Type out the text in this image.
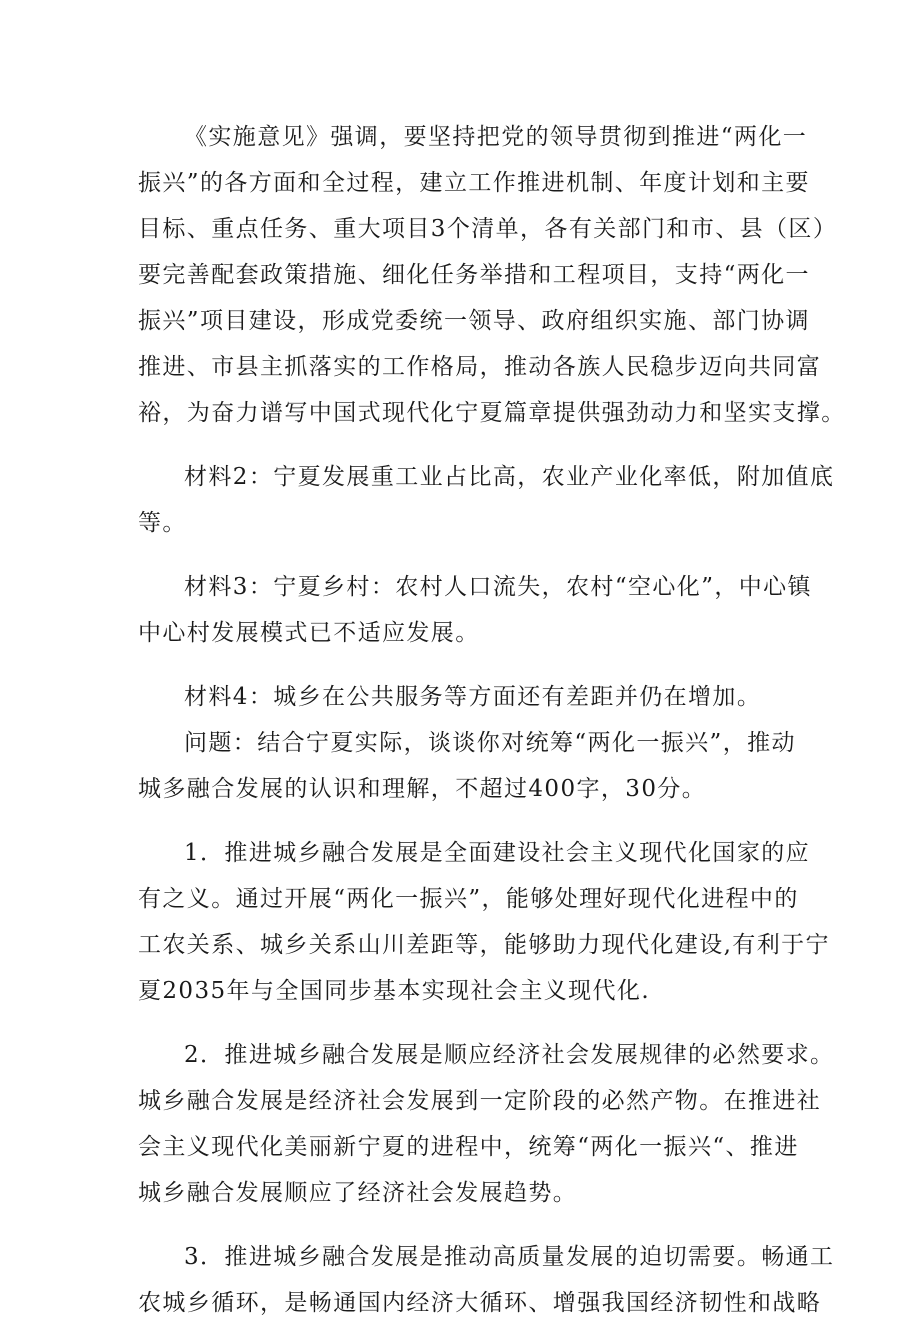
《实施意见》强调，要坚持把党的领导贯彻到推进“两化一
振兴”的各方面和全过程，建立工作推进机制、年度计划和主要
目标、重点任务、重大项目3个清单，各有关部门和市、县（区）
要完善配套政策措施、细化任务举措和工程项目，支持“两化一
振兴”项目建设，形成党委统一领导、政府组织实施、部门协调
推进、市县主抓落实的工作格局，推动各族人民稳步迈向共同富
裕，为奋力谱写中国式现代化宁夏篇章提供强劲动力和坚实支撑。
材料2：宁夏发展重工业占比高，农业产业化率低，附加值底
等。
材料3：宁夏乡村：农村人口流失，农村“空心化”，中心镇
中心村发展模式已不适应发展。
材料4：城乡在公共服务等方面还有差距并仍在增加。
问题：结合宁夏实际，谈谈你对统筹“两化一振兴”，推动
城多融合发展的认识和理解，不超过400字，30分。
1．推进城乡融合发展是全面建设社会主义现代化国家的应
有之义。通过开展“两化一振兴”，能够处理好现代化进程中的
工农关系、城乡关系山川差距等，能够助力现代化建设,有利于宁
夏2035年与全国同步基本实现社会主义现代化.
2．推进城乡融合发展是顺应经济社会发展规律的必然要求。
城乡融合发展是经济社会发展到一定阶段的必然产物。在推进社
会主义现代化美丽新宁夏的进程中，统筹“两化一振兴“、推进
城乡融合发展顺应了经济社会发展趋势。
3．推进城乡融合发展是推动高质量发展的迫切需要。畅通工
农城乡循环，是畅通国内经济大循环、增强我国经济韧性和战略
